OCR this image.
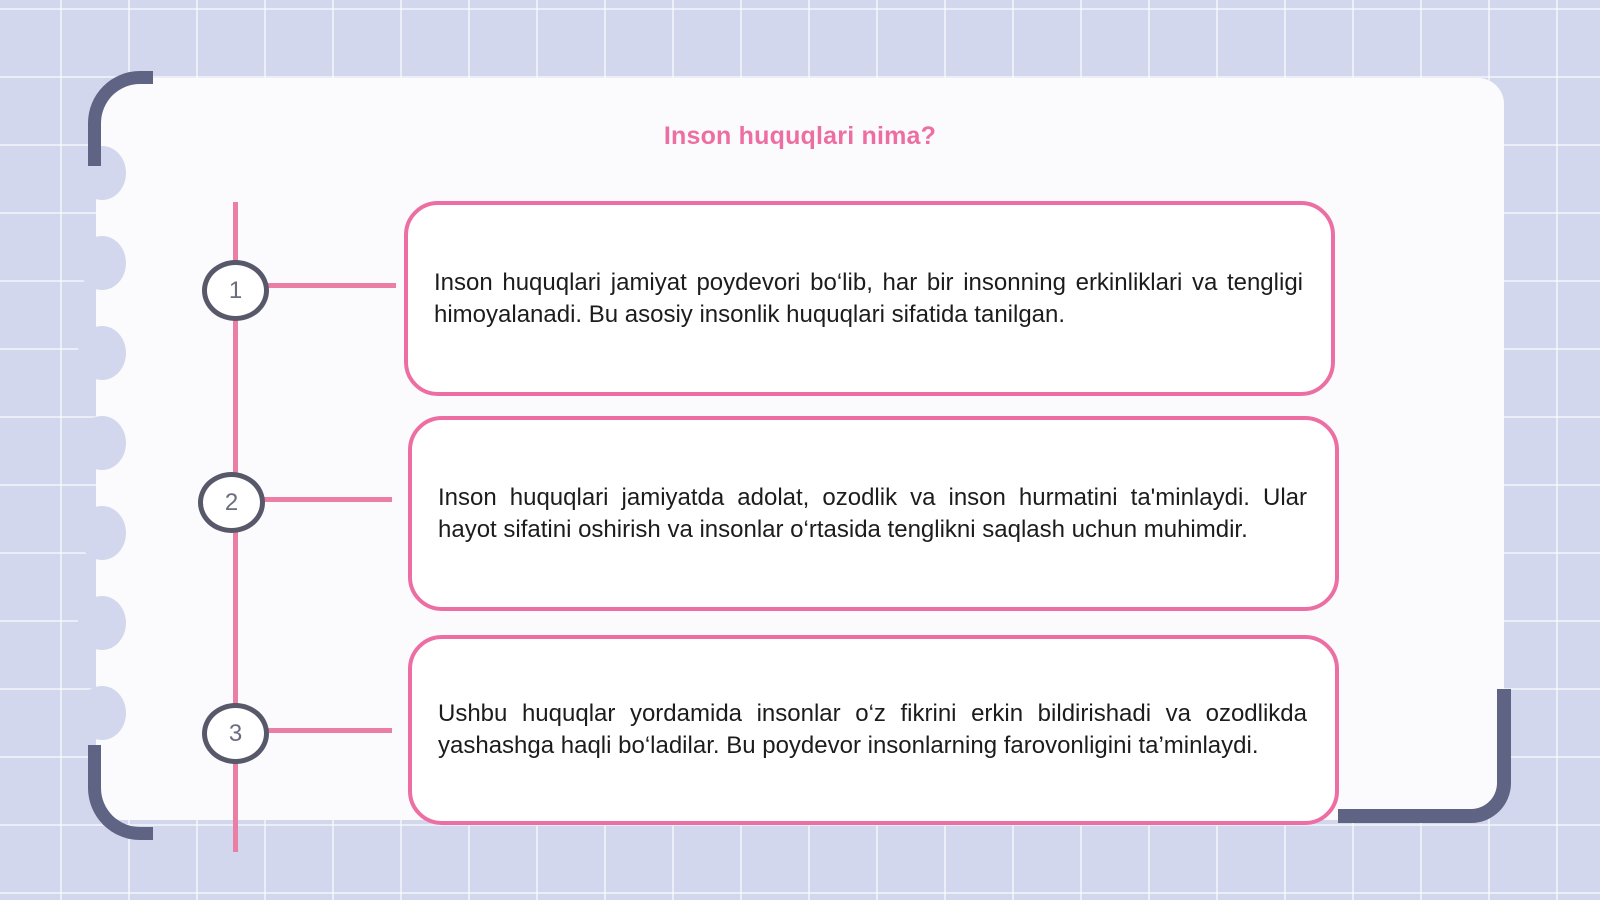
Inson huquqlari nima?
1
2
3

Inson huquqlari jamiyat poydevori bo‘lib, har bir insonning erkinliklari va tengligi himoyalanadi. Bu asosiy insonlik huquqlari sifatida tanilgan.

Inson huquqlari jamiyatda adolat, ozodlik va inson hurmatini ta'minlaydi. Ular hayot sifatini oshirish va insonlar o‘rtasida tenglikni saqlash uchun muhimdir.

Ushbu huquqlar yordamida insonlar o‘z fikrini erkin bildirishadi va ozodlikda yashashga haqli bo‘ladilar. Bu poydevor insonlarning farovonligini ta’minlaydi.
